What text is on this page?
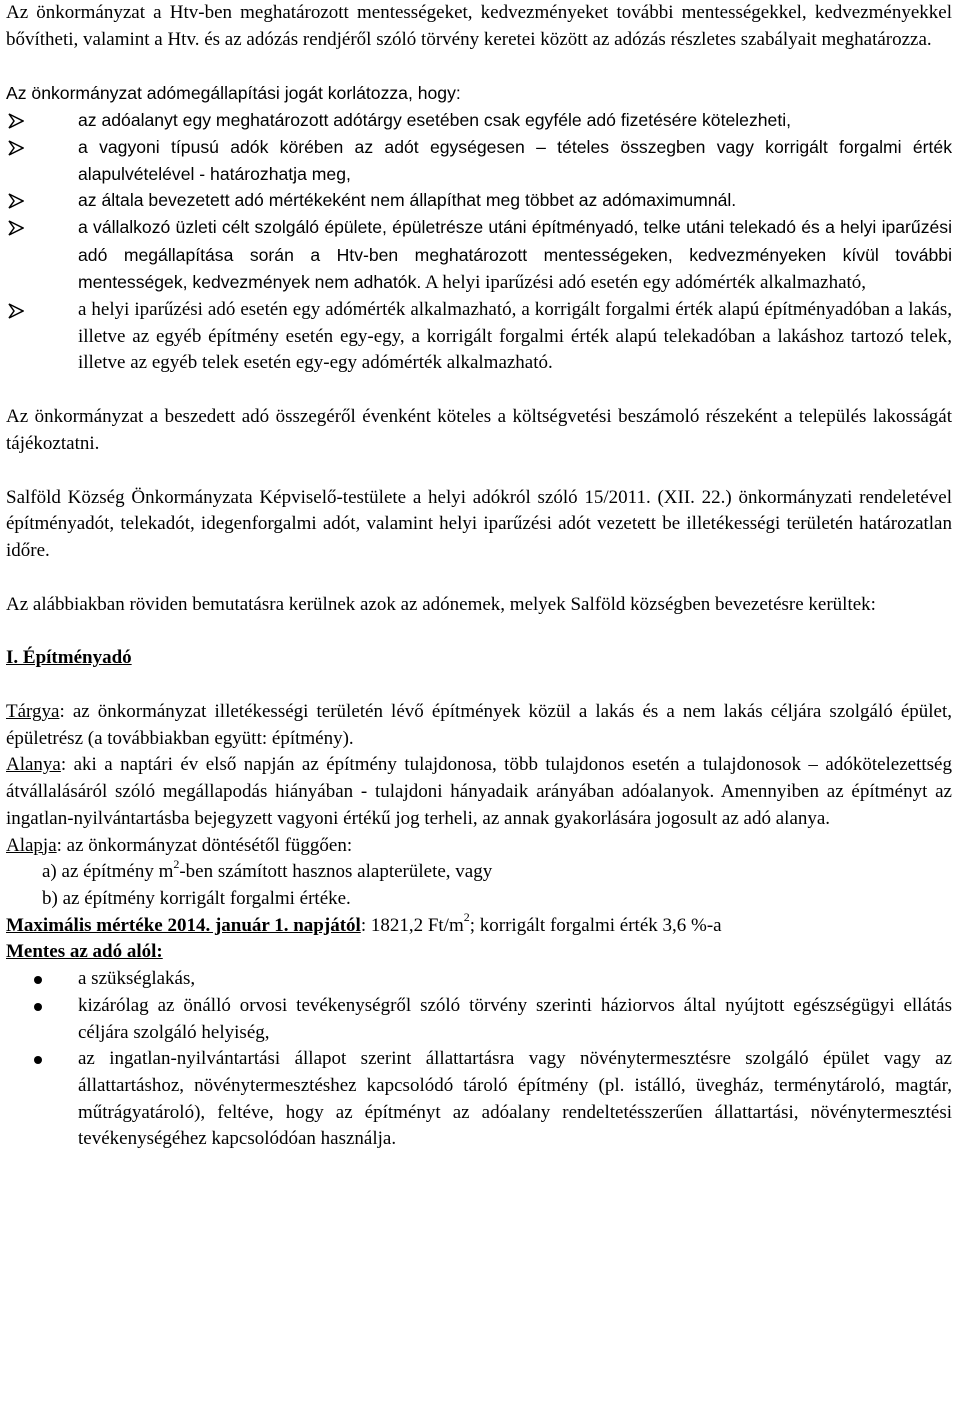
Az önkormányzat a Htv-ben meghatározott mentességeket, kedvezményeket további mentességekkel, kedvezményekkel bővítheti, valamint a Htv. és az adózás rendjéről szóló törvény keretei között az adózás részletes szabályait meghatározza.

Az önkormányzat adómegállapítási jogát korlátozza, hogy:

az adóalanyt egy meghatározott adótárgy esetében csak egyféle adó fizetésére kötelezheti,
a vagyoni típusú adók körében az adót egységesen – tételes összegben vagy korrigált forgalmi érték alapulvételével - határozhatja meg,
az általa bevezetett adó mértékeként nem állapíthat meg többet az adómaximumnál.
a vállalkozó üzleti célt szolgáló épülete, épületrésze utáni építményadó, telke utáni telekadó és a helyi iparűzési adó megállapítása során a Htv-ben meghatározott mentességeken, kedvezményeken kívül további mentességek, kedvezmények nem adhatók. A helyi iparűzési adó esetén egy adómérték alkalmazható,
a helyi iparűzési adó esetén egy adómérték alkalmazható, a korrigált forgalmi érték alapú építményadóban a lakás, illetve az egyéb építmény esetén egy-egy, a korrigált forgalmi érték alapú telekadóban a lakáshoz tartozó telek, illetve az egyéb telek esetén egy-egy adómérték alkalmazható.

Az önkormányzat a beszedett adó összegéről évenként köteles a költségvetési beszámoló részeként a település lakosságát tájékoztatni.

Salföld Község Önkormányzata Képviselő-testülete a helyi adókról szóló 15/2011. (XII. 22.) önkormányzati rendeletével építményadót, telekadót, idegenforgalmi adót, valamint helyi iparűzési adót vezetett be illetékességi területén határozatlan időre.

Az alábbiakban röviden bemutatásra kerülnek azok az adónemek, melyek Salföld községben bevezetésre kerültek:

I. Építményadó

Tárgya: az önkormányzat illetékességi területén lévő építmények közül a lakás és a nem lakás céljára szolgáló épület, épületrész (a továbbiakban együtt: építmény).

Alanya: aki a naptári év első napján az építmény tulajdonosa, több tulajdonos esetén a tulajdonosok – adókötelezettség átvállalásáról szóló megállapodás hiányában - tulajdoni hányadaik arányában adóalanyok. Amennyiben az építményt az ingatlan-nyilvántartásba bejegyzett vagyoni értékű jog terheli, az annak gyakorlására jogosult az adó alanya.

Alapja: az önkormányzat döntésétől függően:

a) az építmény $m^2$-ben számított hasznos alapterülete, vagy

b) az építmény korrigált forgalmi értéke.

Maximális mértéke 2014. január 1. napjától: 1821,2 $Ft/m^2$; korrigált forgalmi érték 3,6 %-a

Mentes az adó alól:

a szükséglakás,
kizárólag az önálló orvosi tevékenységről szóló törvény szerinti háziorvos által nyújtott egészségügyi ellátás céljára szolgáló helyiség,
az ingatlan-nyilvántartási állapot szerint állattartásra vagy növénytermesztésre szolgáló épület vagy az állattartáshoz, növénytermesztéshez kapcsolódó tároló építmény (pl. istálló, üvegház, terménytároló, magtár, műtrágyatároló), feltéve, hogy az építményt az adóalany rendeltetésszerűen állattartási, növénytermesztési tevékenységéhez kapcsolódóan használja.
